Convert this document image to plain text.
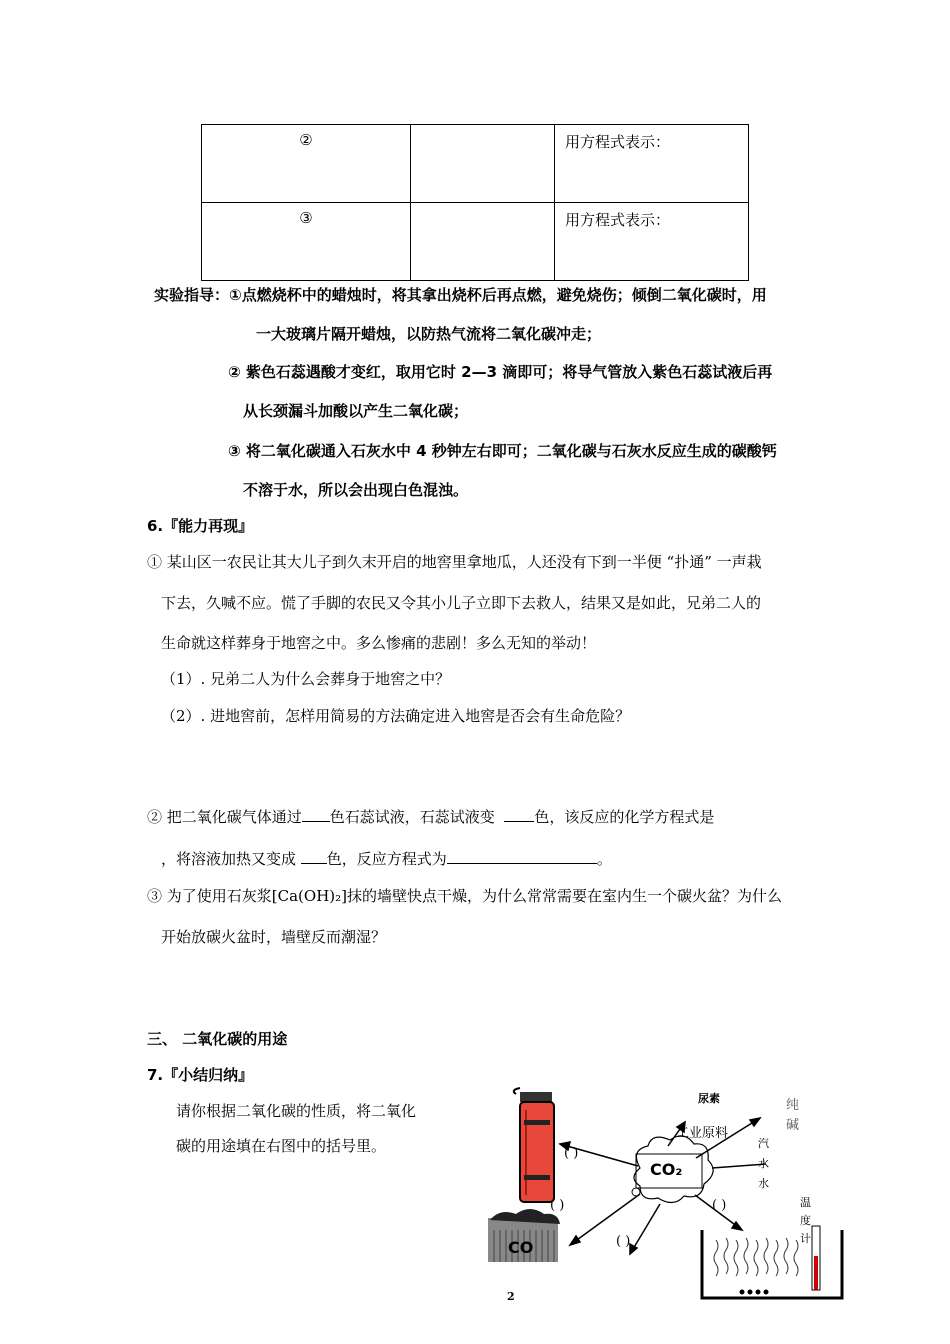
②		用方程式表示：

③		用方程式表示：
实验指导：①点燃烧杯中的蜡烛时，将其拿出烧杯后再点燃，避免烧伤；倾倒二氧化碳时，用
一大玻璃片隔开蜡烛，以防热气流将二氧化碳冲走；
② 紫色石蕊遇酸才变红，取用它时 2—3 滴即可；将导气管放入紫色石蕊试液后再
从长颈漏斗加酸以产生二氧化碳；
③ 将二氧化碳通入石灰水中 4 秒钟左右即可；二氧化碳与石灰水反应生成的碳酸钙
不溶于水，所以会出现白色混浊。
6.『能力再现』
① 某山区一农民让其大儿子到久末开启的地窖里拿地瓜，人还没有下到一半便 “扑通” 一声栽
下去，久喊不应。慌了手脚的农民又令其小儿子立即下去救人，结果又是如此，兄弟二人的
生命就这样葬身于地窖之中。多么惨痛的悲剧！多么无知的举动！
（1）. 兄弟二人为什么会葬身于地窖之中？
（2）. 进地窖前，怎样用简易的方法确定进入地窖是否会有生命危险？
② 把二氧化碳气体通过 色石蕊试液，石蕊试液变	色，该反应的化学方程式是
，将溶液加热又变成 色，反应方程式为	。
③ 为了使用石灰浆[Ca(OH)₂]抹的墙壁快点干燥，为什么常常需要在室内生一个碳火盆？为什么
开始放碳火盆时，墙壁反而潮湿？
三、 二氧化碳的用途
7.『小结归纳』
请你根据二氧化碳的性质，将二氧化
碳的用途填在右图中的括号里。
尿素	纯碱
工业原料
汽水水
CO₂
CO
温度计
( )
( )
( )
( )
2
